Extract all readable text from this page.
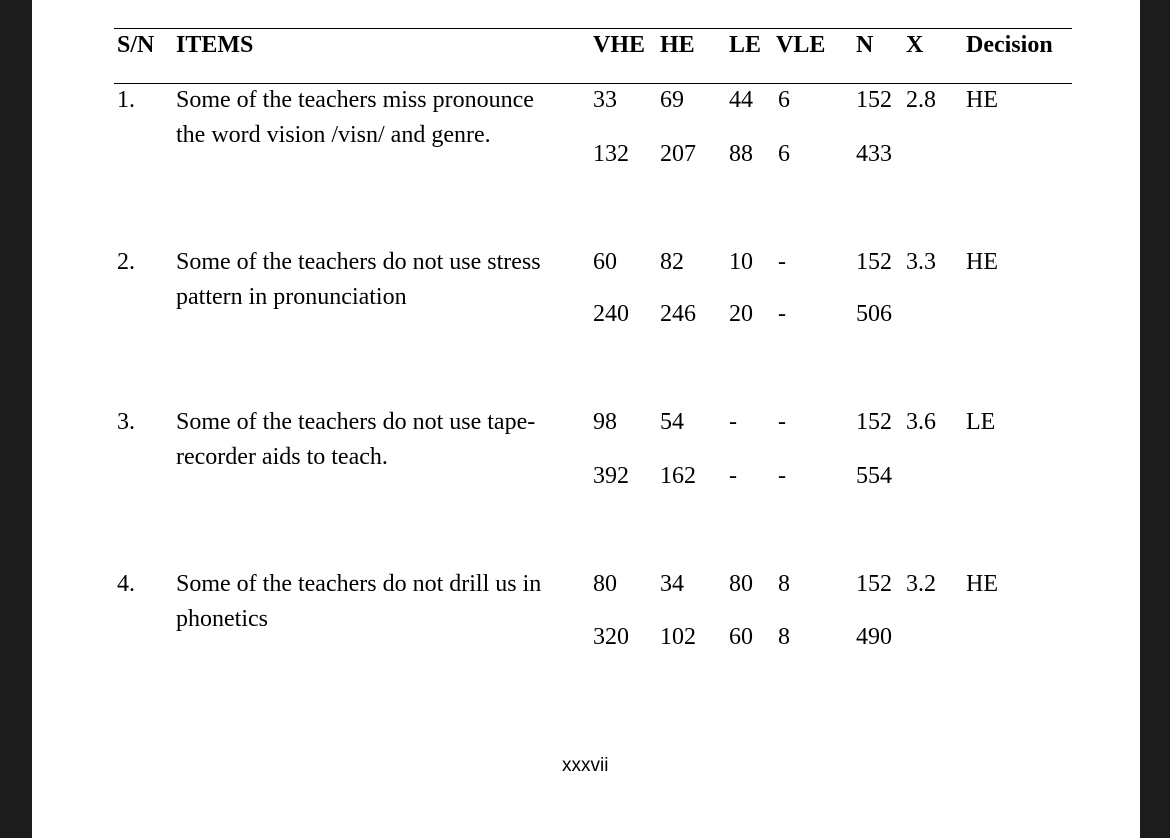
S/N ITEMS	VHE HE LE VLE N X Decision
1. Some of the teachers miss pronounce
the word vision /visn/ and genre.
33 69 44 6	152 2.8 HE
132 207 88 6	433
2. Some of the teachers do not use stress
pattern in pronunciation
60 82 10 -	152 3.3 HE
240 246 20 -	506
3. Some of the teachers do not use tape-
recorder aids to teach.
98 54 - -	152 3.6 LE
392 162 - -	554
4. Some of the teachers do not drill us in
phonetics
80 34 80 8	152 3.2 HE
320 102 60 8	490
xxxvii
